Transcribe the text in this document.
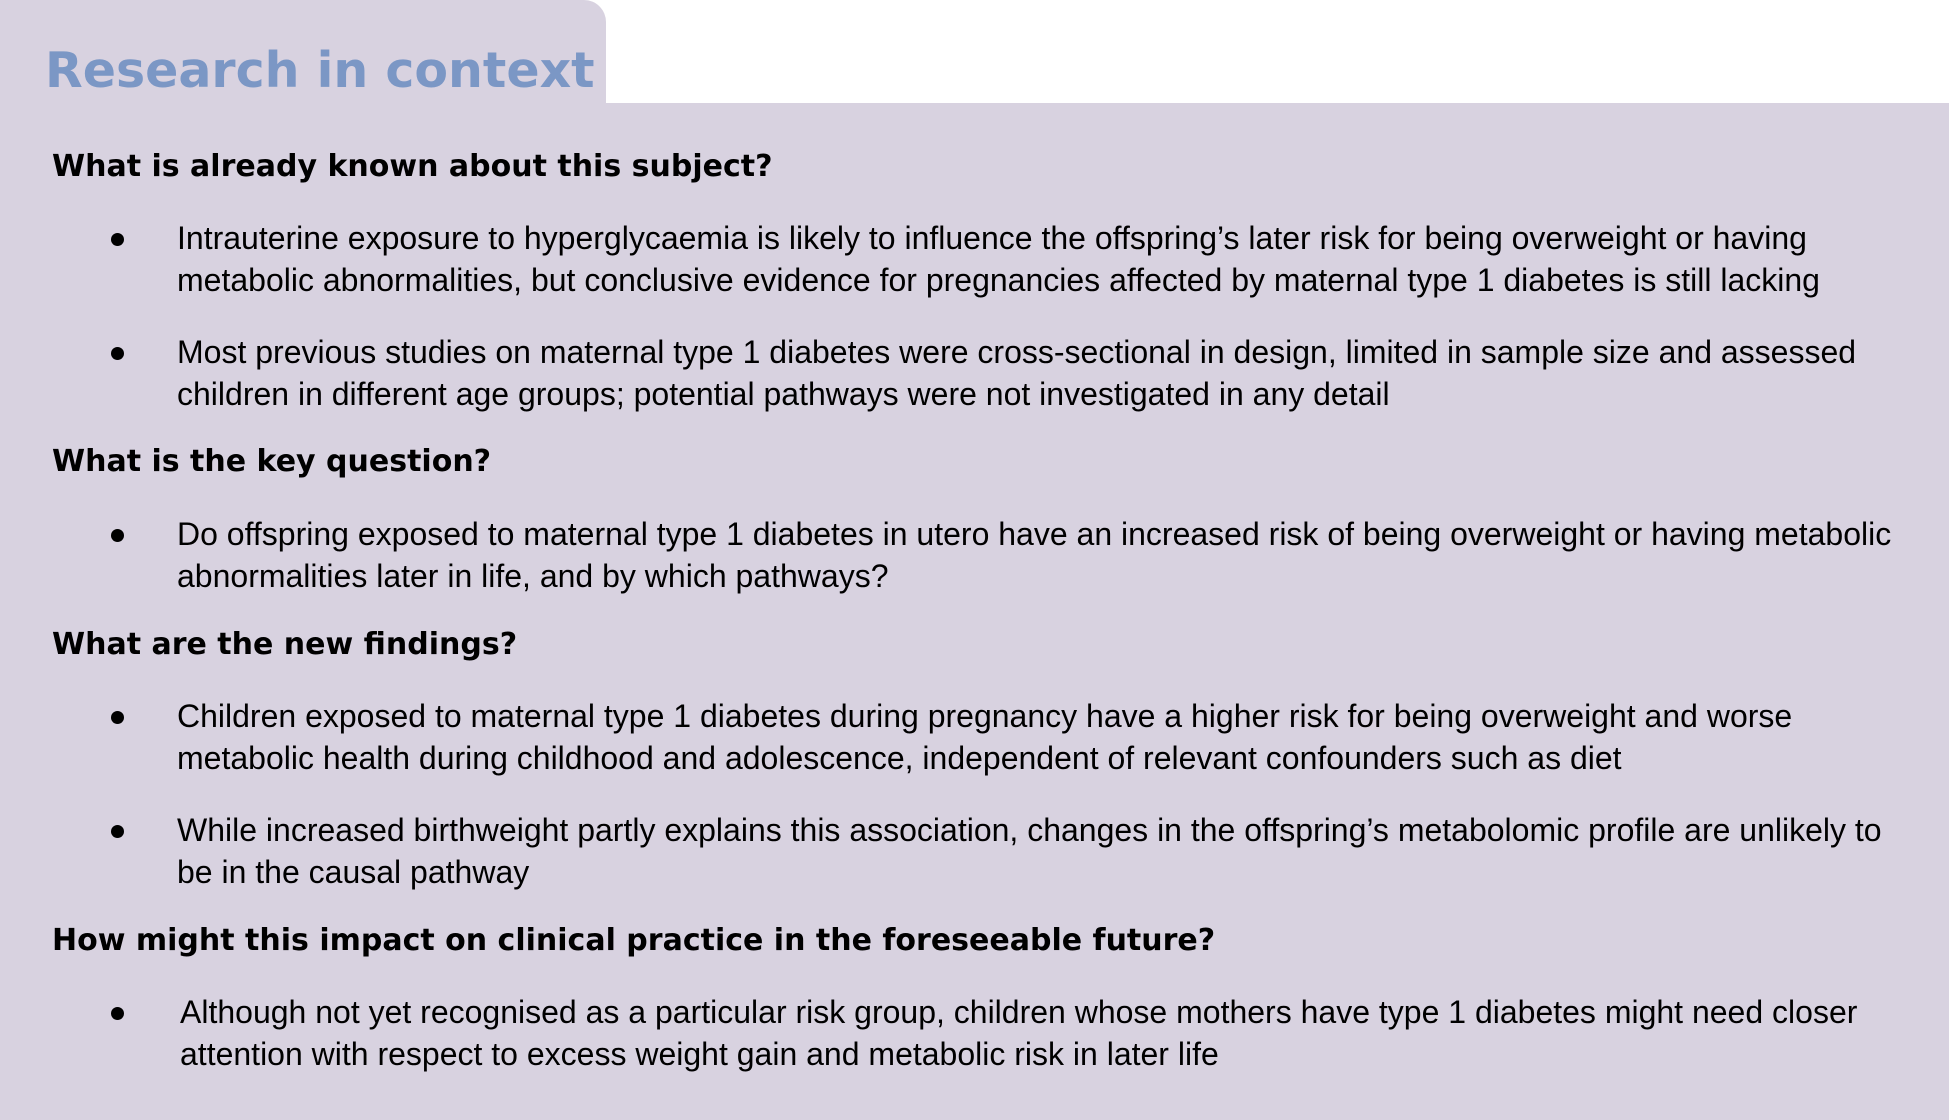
Research in context
What is already known about this subject?
Intrauterine exposure to hyperglycaemia is likely to influence the offspring’s later risk for being overweight or having metabolic abnormalities, but conclusive evidence for pregnancies affected by maternal type 1 diabetes is still lacking
Most previous studies on maternal type 1 diabetes were cross-sectional in design, limited in sample size and assessed children in different age groups; potential pathways were not investigated in any detail
What is the key question?
Do offspring exposed to maternal type 1 diabetes in utero have an increased risk of being overweight or having metabolic abnormalities later in life, and by which pathways?
What are the new findings?
Children exposed to maternal type 1 diabetes during pregnancy have a higher risk for being overweight and worse metabolic health during childhood and adolescence, independent of relevant confounders such as diet
While increased birthweight partly explains this association, changes in the offspring’s metabolomic profile are unlikely to be in the causal pathway
How might this impact on clinical practice in the foreseeable future?
Although not yet recognised as a particular risk group, children whose mothers have type 1 diabetes might need closer attention with respect to excess weight gain and metabolic risk in later life
